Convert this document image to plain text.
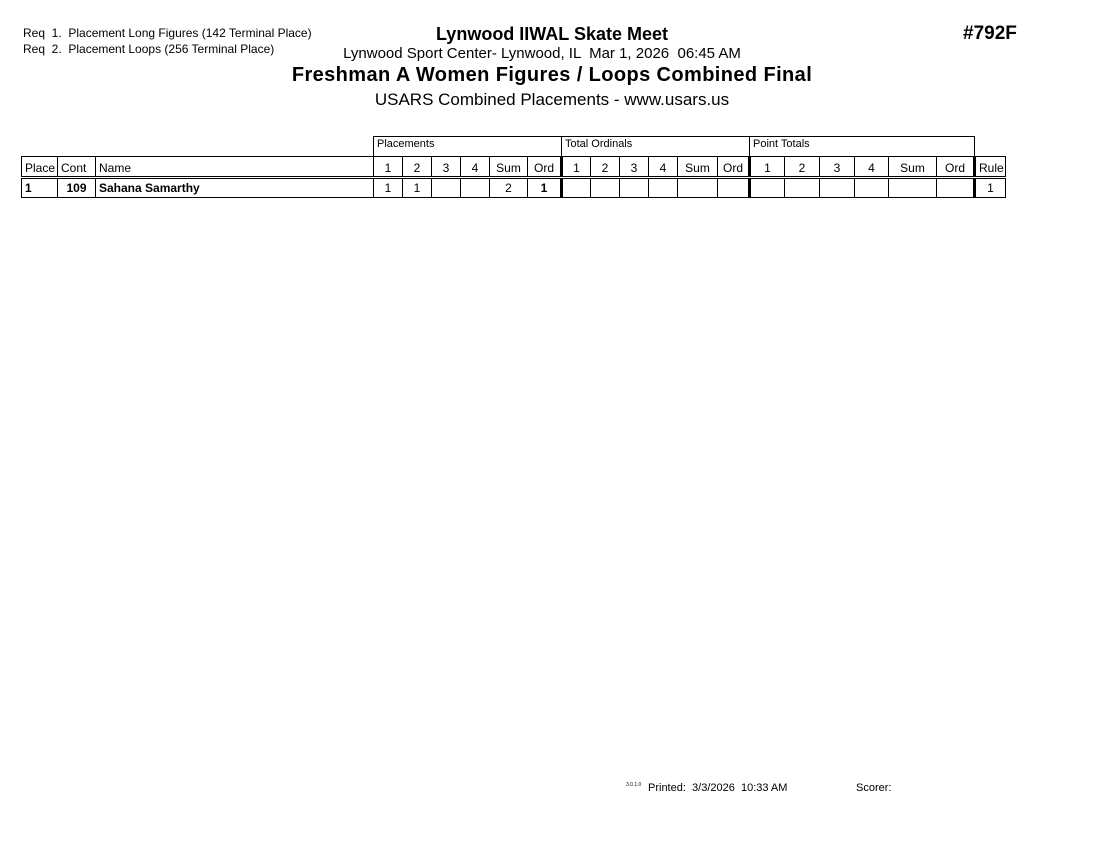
Req  1.  Placement Long Figures (142 Terminal Place)
Req  2.  Placement Loops (256 Terminal Place)
Lynwood IIWAL Skate Meet
Lynwood Sport Center- Lynwood, IL  Mar 1, 2026  06:45 AM
Freshman A Women Figures / Loops Combined Final
USARS Combined Placements - www.usars.us
#792F
Placements	Total Ordinals	Point Totals
Place	Cont	Name	1	2	3	4	Sum	Ord	1	2	3	4	Sum	Ord	1	2	3	4	Sum	Ord	Rule
1	109	Sahana Samarthy	1	1			2	1													1
3.0.1.0 Printed:  3/3/2026  10:33 AM	Scorer:
